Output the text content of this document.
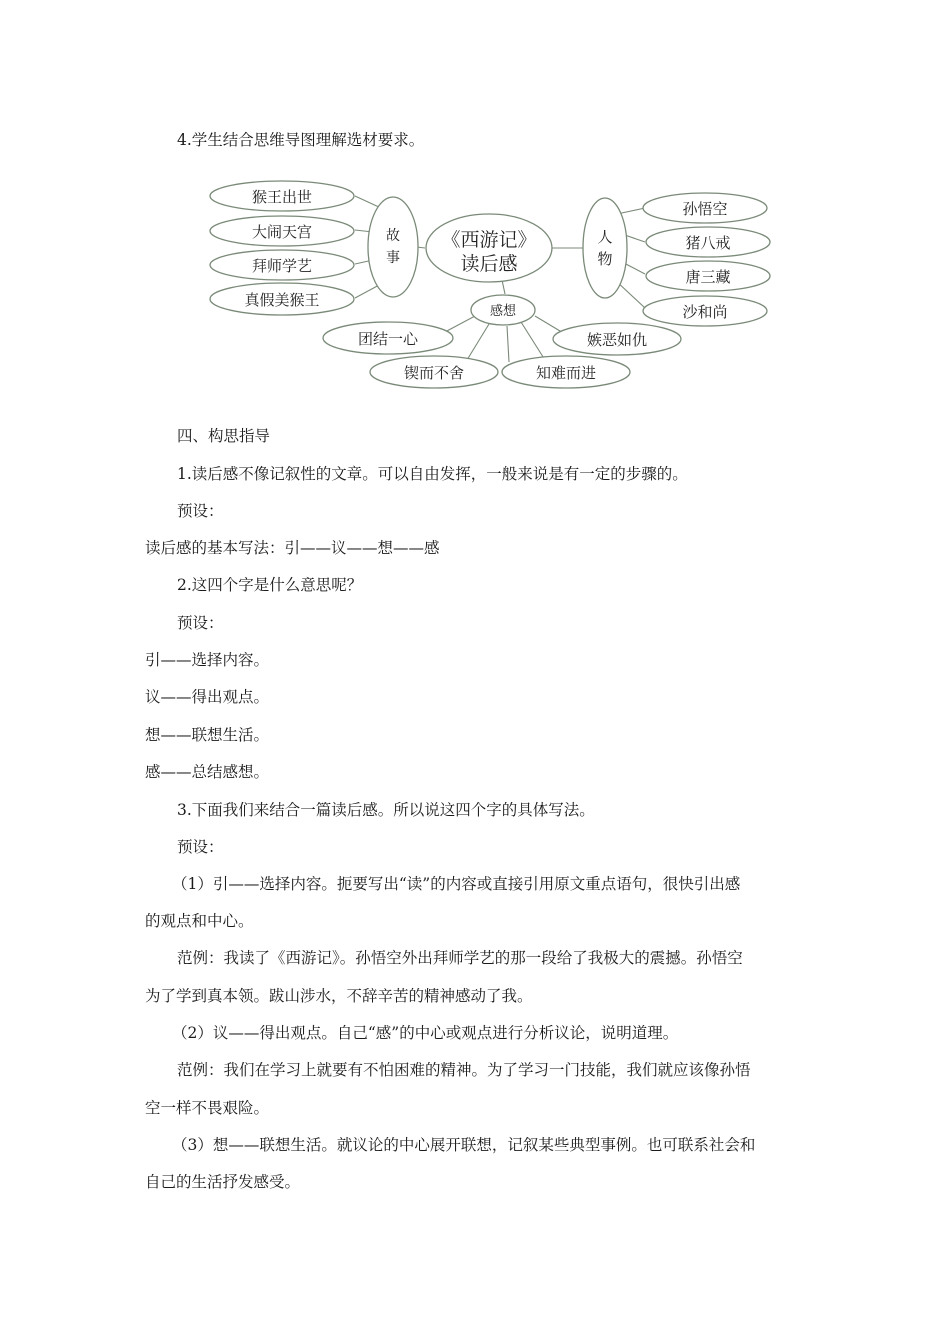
4.学生结合思维导图理解选材要求。
猴王出世
大闹天宫
拜师学艺
真假美猴王
故
事
《西游记》
读后感
人
物
孙悟空
猪八戒
唐三藏
沙和尚
感想
团结一心
锲而不舍	知难而进
嫉恶如仇
四、构思指导
1.读后感不像记叙性的文章。可以自由发挥，一般来说是有一定的步骤的。
预设：
读后感的基本写法：引——议——想——感
2.这四个字是什么意思呢？
预设：
引——选择内容。
议——得出观点。
想——联想生活。
感——总结感想。
3.下面我们来结合一篇读后感。所以说这四个字的具体写法。
预设：
（1）引——选择内容。扼要写出“读”的内容或直接引用原文重点语句，很快引出感
的观点和中心。
范例：我读了《西游记》。孙悟空外出拜师学艺的那一段给了我极大的震撼。孙悟空
为了学到真本领。跋山涉水，不辞辛苦的精神感动了我。
（2）议——得出观点。自己“感”的中心或观点进行分析议论，说明道理。
范例：我们在学习上就要有不怕困难的精神。为了学习一门技能，我们就应该像孙悟
空一样不畏艰险。
（3）想——联想生活。就议论的中心展开联想，记叙某些典型事例。也可联系社会和
自己的生活抒发感受。
